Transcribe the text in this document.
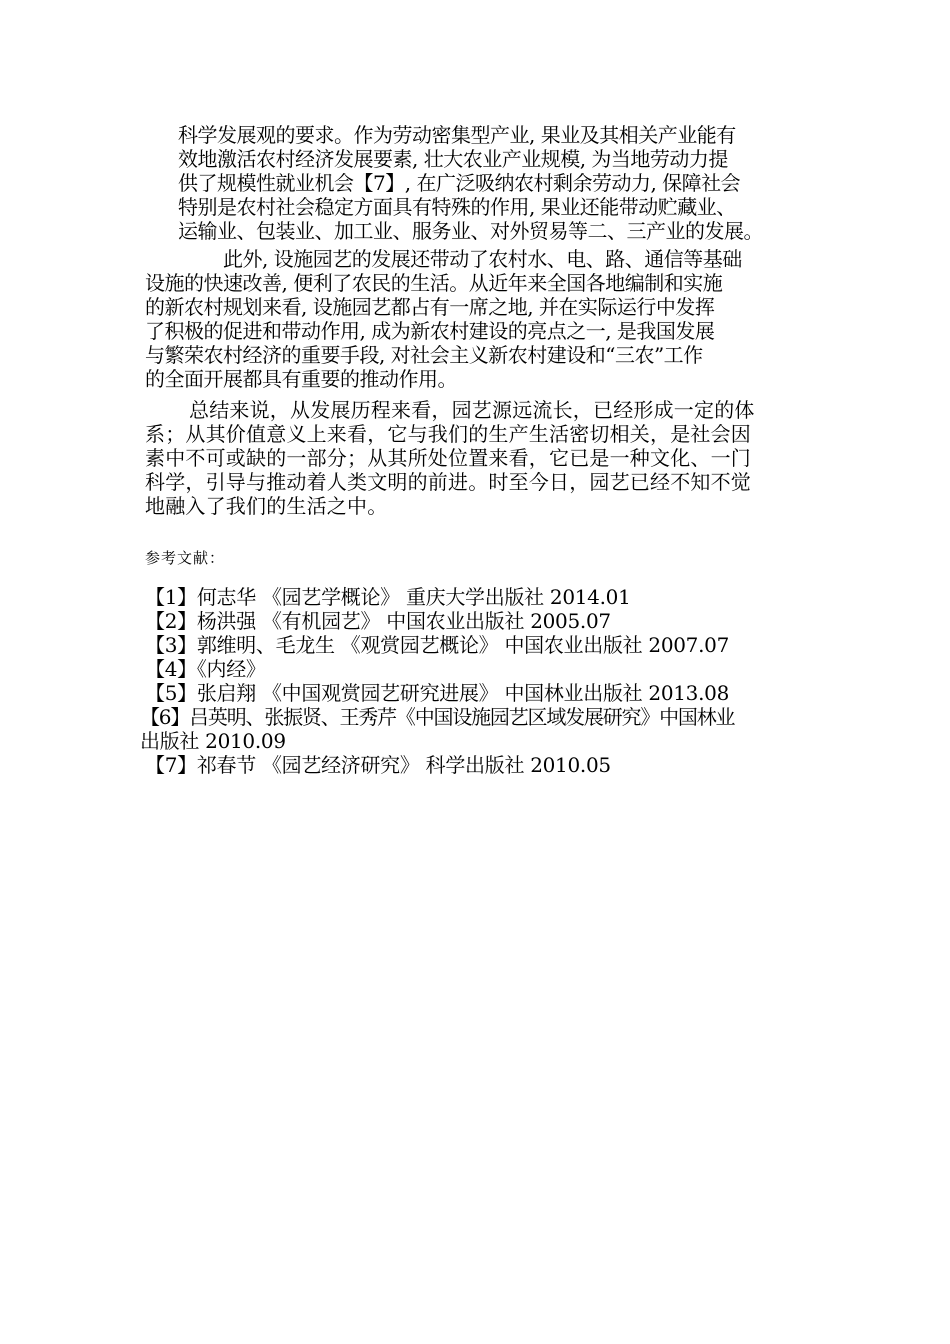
科学发展观的要求。作为劳动密集型产业, 果业及其相关产业能有
效地激活农村经济发展要素, 壮大农业产业规模, 为当地劳动力提
供了规模性就业机会【7】, 在广泛吸纳农村剩余劳动力, 保障社会
特别是农村社会稳定方面具有特殊的作用, 果业还能带动贮藏业、
运输业、包装业、加工业、服务业、对外贸易等二、三产业的发展。
此外, 设施园艺的发展还带动了农村水、电、路、通信等基础
设施的快速改善, 便利了农民的生活。从近年来全国各地编制和实施
的新农村规划来看, 设施园艺都占有一席之地, 并在实际运行中发挥
了积极的促进和带动作用, 成为新农村建设的亮点之一, 是我国发展
与繁荣农村经济的重要手段, 对社会主义新农村建设和“三农”工作
的全面开展都具有重要的推动作用。
总结来说，从发展历程来看，园艺源远流长，已经形成一定的体
系；从其价值意义上来看，它与我们的生产生活密切相关，是社会因
素中不可或缺的一部分；从其所处位置来看，它已是一种文化、一门
科学，引导与推动着人类文明的前进。时至今日，园艺已经不知不觉
地融入了我们的生活之中。
参考文献：
【1】何志华 《园艺学概论》 重庆大学出版社 2014.01
【2】杨洪强 《有机园艺》 中国农业出版社 2005.07
【3】郭维明、毛龙生 《观赏园艺概论》 中国农业出版社 2007.07
【4】《内经》
【5】张启翔 《中国观赏园艺研究进展》 中国林业出版社 2013.08
【6】吕英明、张振贤、王秀芹《中国设施园艺区域发展研究》中国林业
出版社 2010.09
【7】祁春节 《园艺经济研究》 科学出版社 2010.05
